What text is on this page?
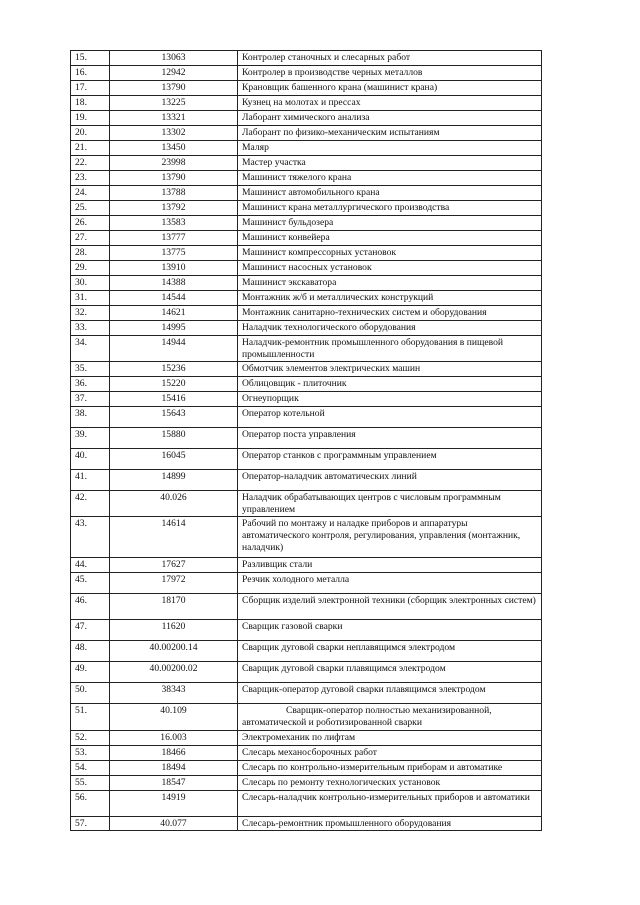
15.	13063	Контролер станочных и слесарных работ
16.	12942	Контролер в производстве черных металлов
17.	13790	Крановщик башенного крана (машинист крана)
18.	13225	Кузнец на молотах и прессах
19.	13321	Лаборант химического анализа
20.	13302	Лаборант по физико-механическим испытаниям
21.	13450	Маляр
22.	23998	Мастер участка
23.	13790	Машинист тяжелого крана
24.	13788	Машинист автомобильного крана
25.	13792	Машинист крана металлургического производства
26.	13583	Машинист бульдозера
27.	13777	Машинист конвейера
28.	13775	Машинист компрессорных установок
29.	13910	Машинист насосных установок
30.	14388	Машинист экскаватора
31.	14544	Монтажник ж/б и металлических конструкций
32.	14621	Монтажник санитарно-технических систем и оборудования
33.	14995	Наладчик технологического оборудования
34.	14944	Наладчик-ремонтник промышленного оборудования в пищевой промышленности
35.	15236	Обмотчик элементов электрических машин
36.	15220	Облицовщик - плиточник
37.	15416	Огнеупорщик
38.	15643	Оператор котельной
39.	15880	Оператор поста управления
40.	16045	Оператор станков с программным управлением
41.	14899	Оператор-наладчик автоматических линий
42.	40.026	Наладчик обрабатывающих центров с числовым программным управлением
43.	14614	Рабочий по монтажу и наладке приборов и аппаратуры автоматического контроля, регулирования, управления (монтажник, наладчик)
44.	17627	Разливщик стали
45.	17972	Резчик холодного металла
46.	18170	Сборщик изделий электронной техники (сборщик электронных систем)
47.	11620	Сварщик газовой сварки
48.	40.00200.14	Сварщик дуговой сварки неплавящимся электродом
49.	40.00200.02	Сварщик дуговой сварки плавящимся электродом
50.	38343	Сварщик-оператор дуговой сварки плавящимся электродом
51.	40.109	Сварщик-оператор полностью механизированной, автоматической и роботизированной сварки
52.	16.003	Электромеханик по лифтам
53.	18466	Слесарь механосборочных работ
54.	18494	Слесарь по контрольно-измерительным приборам и автоматике
55.	18547	Слесарь по ремонту технологических установок
56.	14919	Слесарь-наладчик контрольно-измерительных приборов и автоматики
57.	40.077	Слесарь-ремонтник промышленного оборудования
